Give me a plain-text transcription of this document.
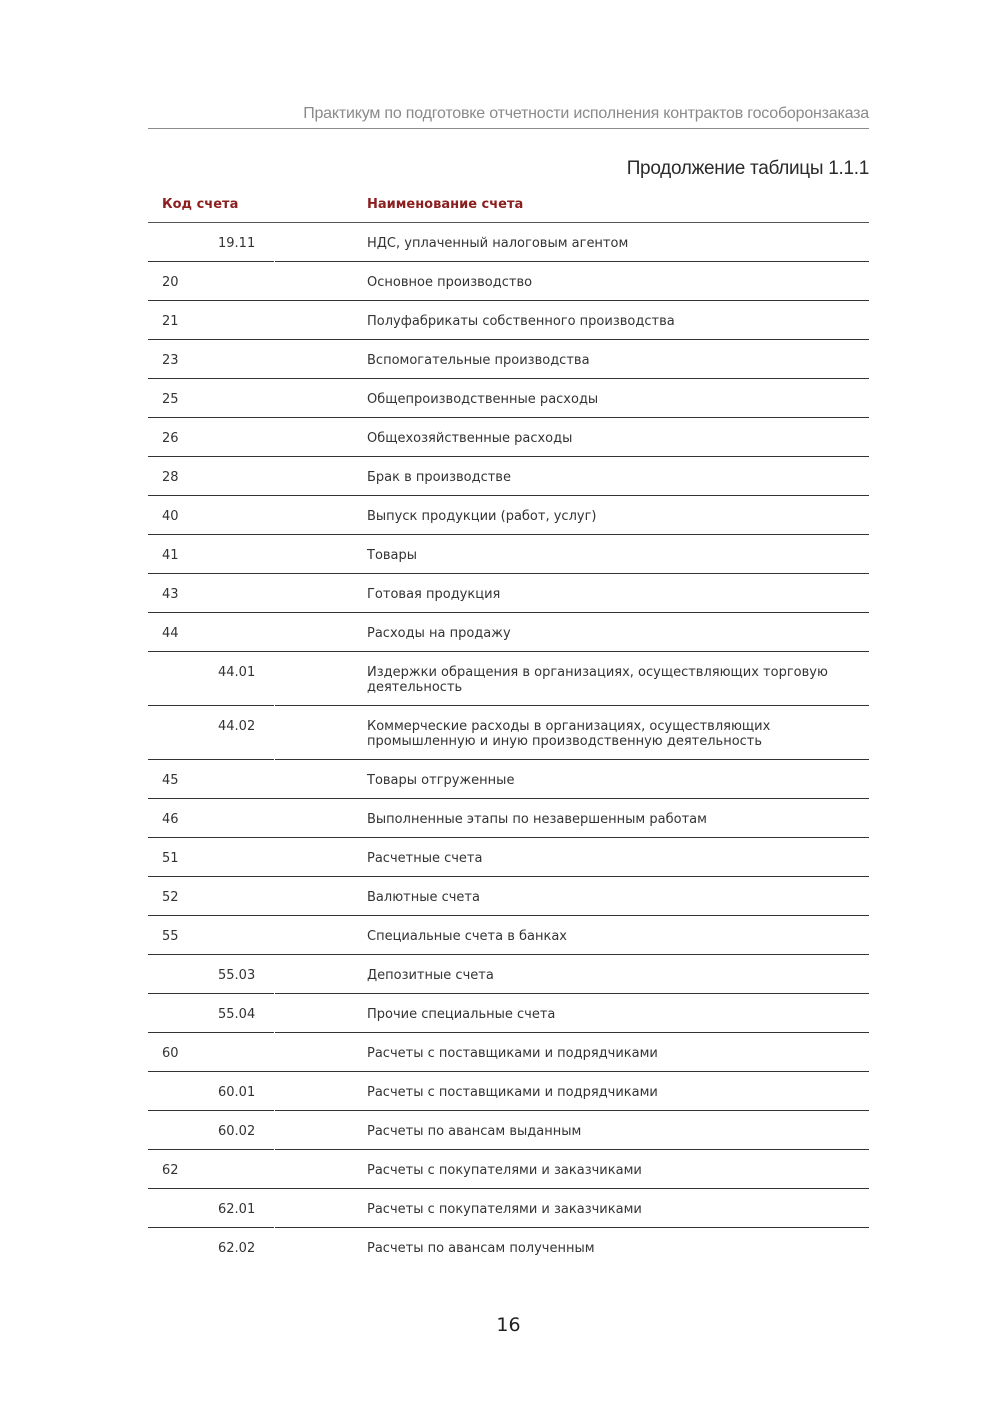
Практикум по подготовке отчетности исполнения контрактов гособоронзаказа
Продолжение таблицы 1.1.1
Код счета	Наименование счета
19.11	НДС, уплаченный налоговым агентом
20	Основное производство
21	Полуфабрикаты собственного производства
23	Вспомогательные производства
25	Общепроизводственные расходы
26	Общехозяйственные расходы
28	Брак в производстве
40	Выпуск продукции (работ, услуг)
41	Товары
43	Готовая продукция
44	Расходы на продажу
44.01	Издержки обращения в организациях, осуществляющих торговую деятельность
44.02	Коммерческие расходы в организациях, осуществляющих промышленную и иную производственную деятельность
45	Товары отгруженные
46	Выполненные этапы по незавершенным работам
51	Расчетные счета
52	Валютные счета
55	Специальные счета в банках
55.03	Депозитные счета
55.04	Прочие специальные счета
60	Расчеты с поставщиками и подрядчиками
60.01	Расчеты с поставщиками и подрядчиками
60.02	Расчеты по авансам выданным
62	Расчеты с покупателями и заказчиками
62.01	Расчеты с покупателями и заказчиками
62.02	Расчеты по авансам полученным
16
